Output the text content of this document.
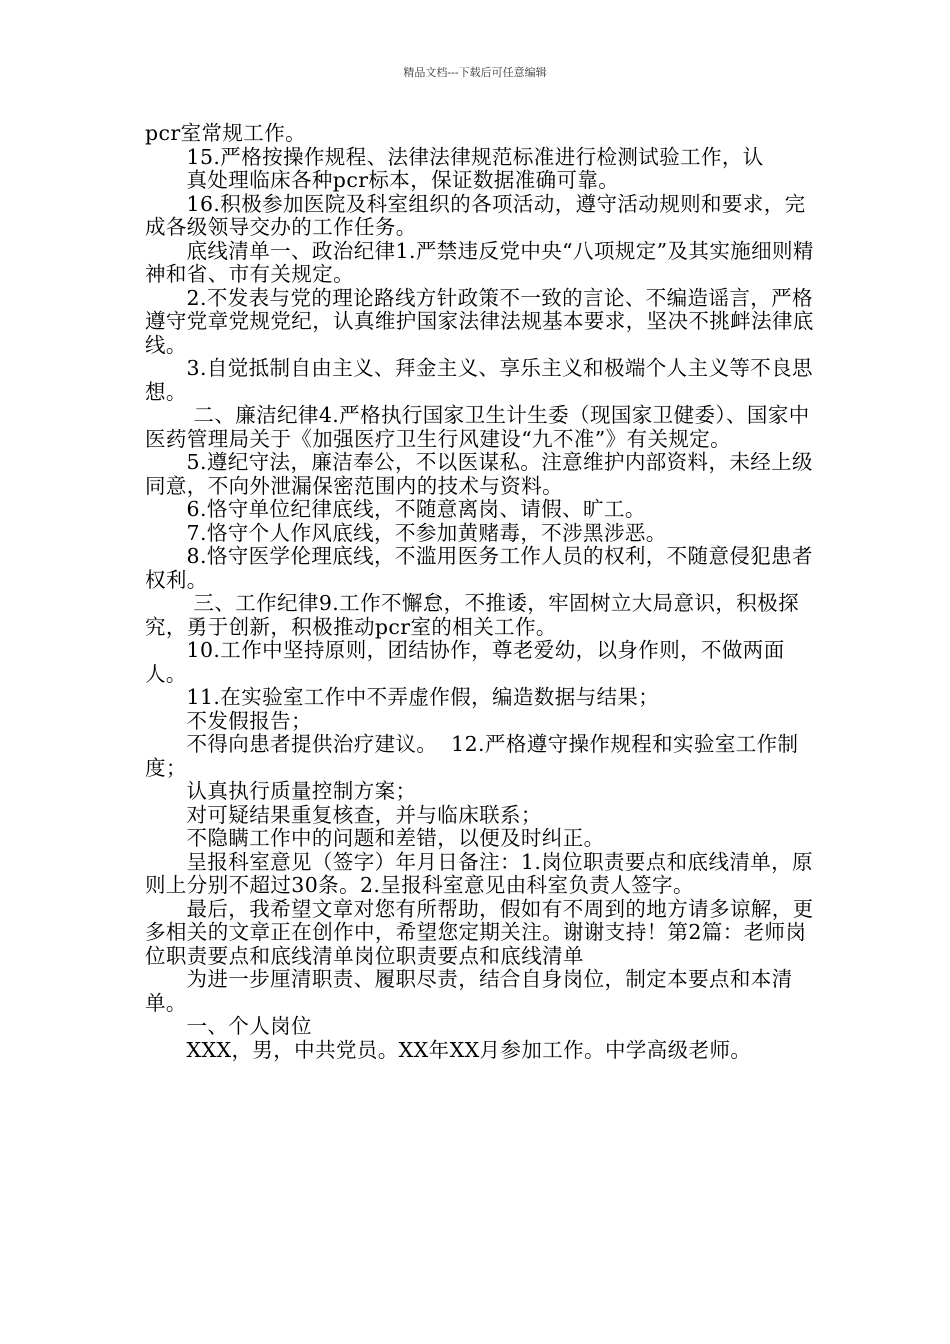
精品文档---下载后可任意编辑

pcr室常规工作。

15.严格按操作规程、法律法律规范标准进行检测试验工作，认

真处理临床各种pcr标本，保证数据准确可靠。

16.积极参加医院及科室组织的各项活动，遵守活动规则和要求，完成各级领导交办的工作任务。

底线清单一、政治纪律1.严禁违反党中央“八项规定”及其实施细则精神和省、市有关规定。

2.不发表与党的理论路线方针政策不一致的言论、不编造谣言，严格遵守党章党规党纪，认真维护国家法律法规基本要求，坚决不挑衅法律底线。

3.自觉抵制自由主义、拜金主义、享乐主义和极端个人主义等不良思想。

二、廉洁纪律4.严格执行国家卫生计生委（现国家卫健委）、国家中医药管理局关于《加强医疗卫生行风建设“九不准”》有关规定。

5.遵纪守法，廉洁奉公，不以医谋私。注意维护内部资料，未经上级同意，不向外泄漏保密范围内的技术与资料。

6.恪守单位纪律底线，不随意离岗、请假、旷工。

7.恪守个人作风底线，不参加黄赌毒，不涉黑涉恶。

8.恪守医学伦理底线，不滥用医务工作人员的权利，不随意侵犯患者权利。

三、工作纪律9.工作不懈怠，不推诿，牢固树立大局意识，积极探究，勇于创新，积极推动pcr室的相关工作。

10.工作中坚持原则，团结协作，尊老爱幼，以身作则，不做两面人。

11.在实验室工作中不弄虚作假，编造数据与结果；

不发假报告；

不得向患者提供治疗建议。  12.严格遵守操作规程和实验室工作制度；

认真执行质量控制方案；

对可疑结果重复核查，并与临床联系；

不隐瞒工作中的问题和差错，以便及时纠正。

呈报科室意见（签字）年月日备注：1.岗位职责要点和底线清单，原则上分别不超过30条。2.呈报科室意见由科室负责人签字。

最后，我希望文章对您有所帮助，假如有不周到的地方请多谅解，更多相关的文章正在创作中，希望您定期关注。谢谢支持！第2篇：老师岗位职责要点和底线清单岗位职责要点和底线清单

为进一步厘清职责、履职尽责，结合自身岗位，制定本要点和本清单。

一、个人岗位

XXX，男，中共党员。XX年XX月参加工作。中学高级老师。
